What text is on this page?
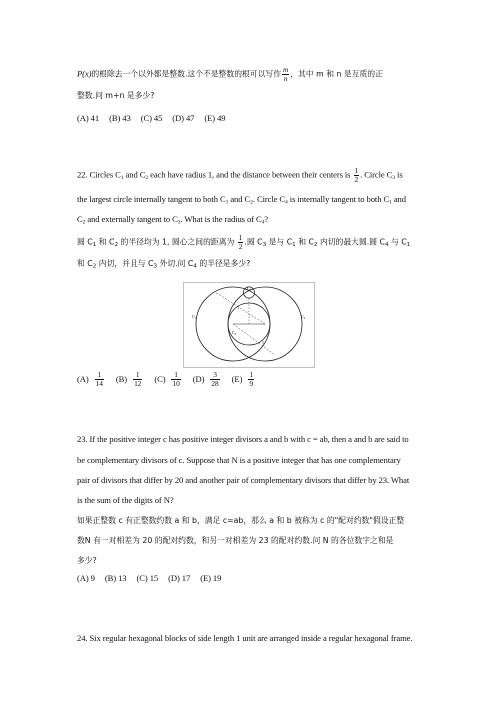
P(x)的根除去一个以外都是整数.这个不是整数的根可以写作 $\frac{m}{n}$ ，其中 m 和 n 是互质的正
整数.问 m+n 是多少?
(A) 41 (B) 43 (C) 45 (D) 47 (E) 49
22. Circles $C_1$ and $C_2$ each have radius 1, and the distance between their centers is $\frac{1}{2}$ . Circle $C_3$ is
the largest circle internally tangent to both $C_1$ and $C_2$. Circle $C_4$ is internally tangent to both $C_1$ and
$C_2$ and externally tangent to $C_3$. What is the radius of $C_4$?
圆 $C_1$ 和 $C_2$ 的半径均为 1, 圆心之间的距离为 $\frac{1}{2}$ .圆 $C_3$ 是与 $C_1$ 和 $C_2$ 内切的最大圆.圆 $C_4$ 与 $C_1$
和 $C_2$ 内切，并且与 $C_3$ 外切.问 $C_4$ 的半径是多少?
C₄
C₁	C₂
C₃
1
1
$(A) \frac{1}{14} (B) \frac{1}{12} (C) \frac{1}{10} (D) \frac{3}{28} (E) \frac{1}{9}$
23. If the positive integer c has positive integer divisors a and b with c = ab, then a and b are said to
be complementary divisors of c. Suppose that N is a positive integer that has one complementary
pair of divisors that differ by 20 and another pair of complementary divisors that differ by 23. What
is the sum of the digits of N?
如果正整数 c 有正整数约数 a 和 b，满足 c=ab，那么 a 和 b 被称为 c 的"配对约数"假设正整
数N 有一对相差为 20 的配对约数，和另一对相差为 23 的配对约数.问 N 的各位数字之和是
多少?
(A) 9 (B) 13 (C) 15 (D) 17 (E) 19
24. Six regular hexagonal blocks of side length 1 unit are arranged inside a regular hexagonal frame.
